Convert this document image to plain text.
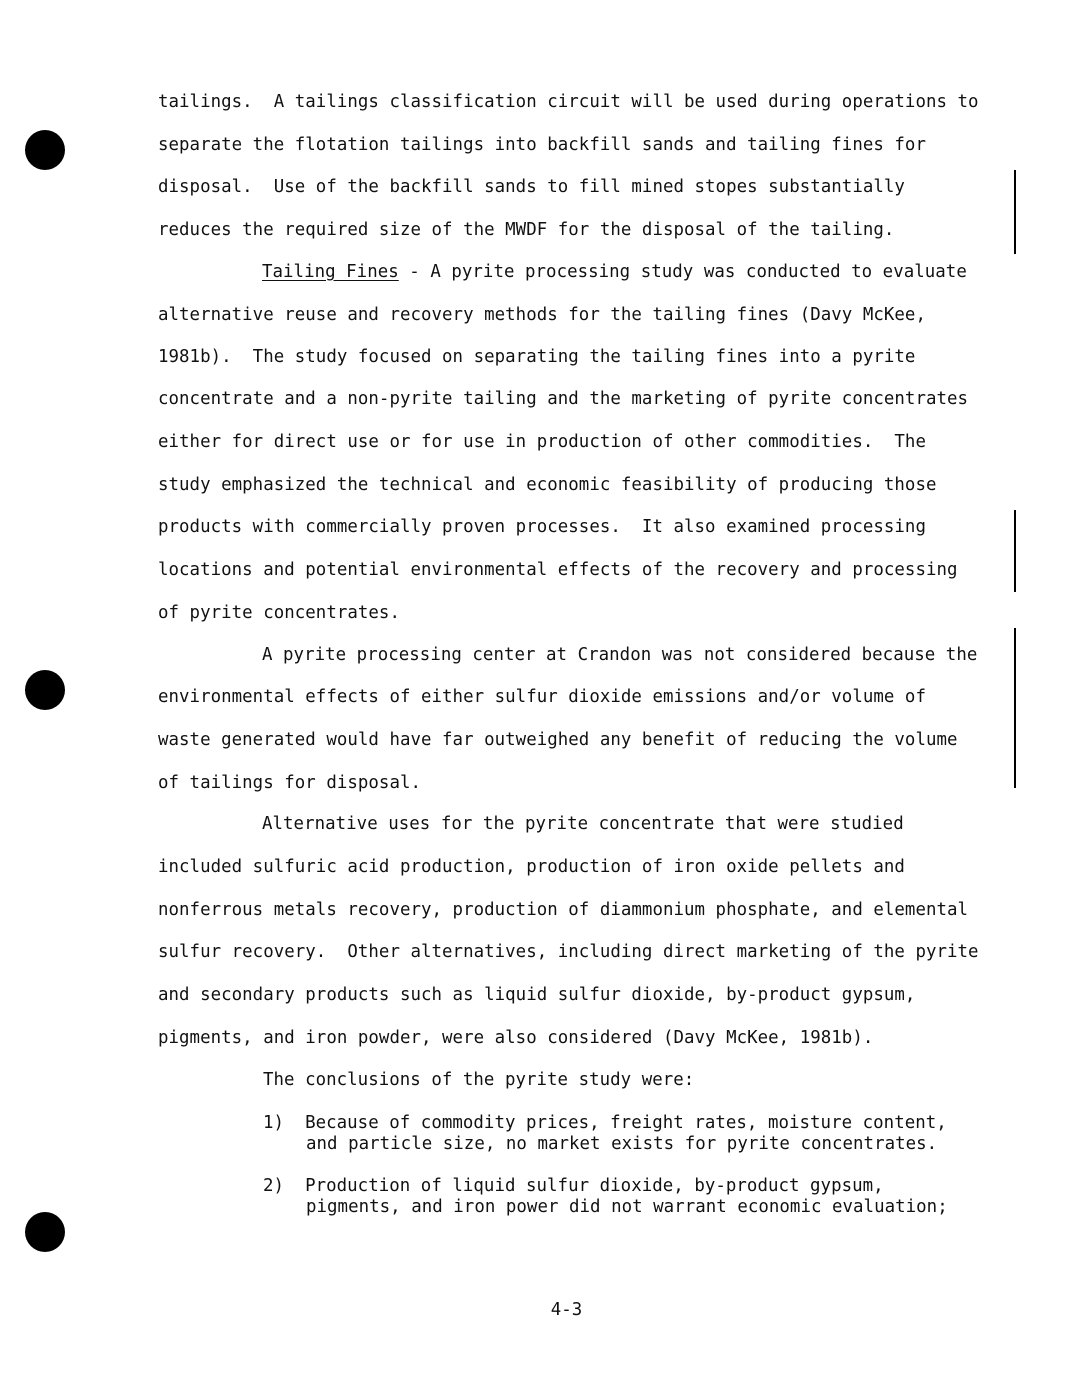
tailings.  A tailings classification circuit will be used during operations to
separate the flotation tailings into backfill sands and tailing fines for
disposal.  Use of the backfill sands to fill mined stopes substantially
reduces the required size of the MWDF for the disposal of the tailing.
Tailing Fines - A pyrite processing study was conducted to evaluate
alternative reuse and recovery methods for the tailing fines (Davy McKee,
1981b).  The study focused on separating the tailing fines into a pyrite
concentrate and a non-pyrite tailing and the marketing of pyrite concentrates
either for direct use or for use in production of other commodities.  The
study emphasized the technical and economic feasibility of producing those
products with commercially proven processes.  It also examined processing
locations and potential environmental effects of the recovery and processing
of pyrite concentrates.
A pyrite processing center at Crandon was not considered because the
environmental effects of either sulfur dioxide emissions and/or volume of
waste generated would have far outweighed any benefit of reducing the volume
of tailings for disposal.
Alternative uses for the pyrite concentrate that were studied
included sulfuric acid production, production of iron oxide pellets and
nonferrous metals recovery, production of diammonium phosphate, and elemental
sulfur recovery.  Other alternatives, including direct marketing of the pyrite
and secondary products such as liquid sulfur dioxide, by-product gypsum,
pigments, and iron powder, were also considered (Davy McKee, 1981b).
The conclusions of the pyrite study were:
1)  Because of commodity prices, freight rates, moisture content,
and particle size, no market exists for pyrite concentrates.
2)  Production of liquid sulfur dioxide, by-product gypsum,
pigments, and iron power did not warrant economic evaluation;
4-3
